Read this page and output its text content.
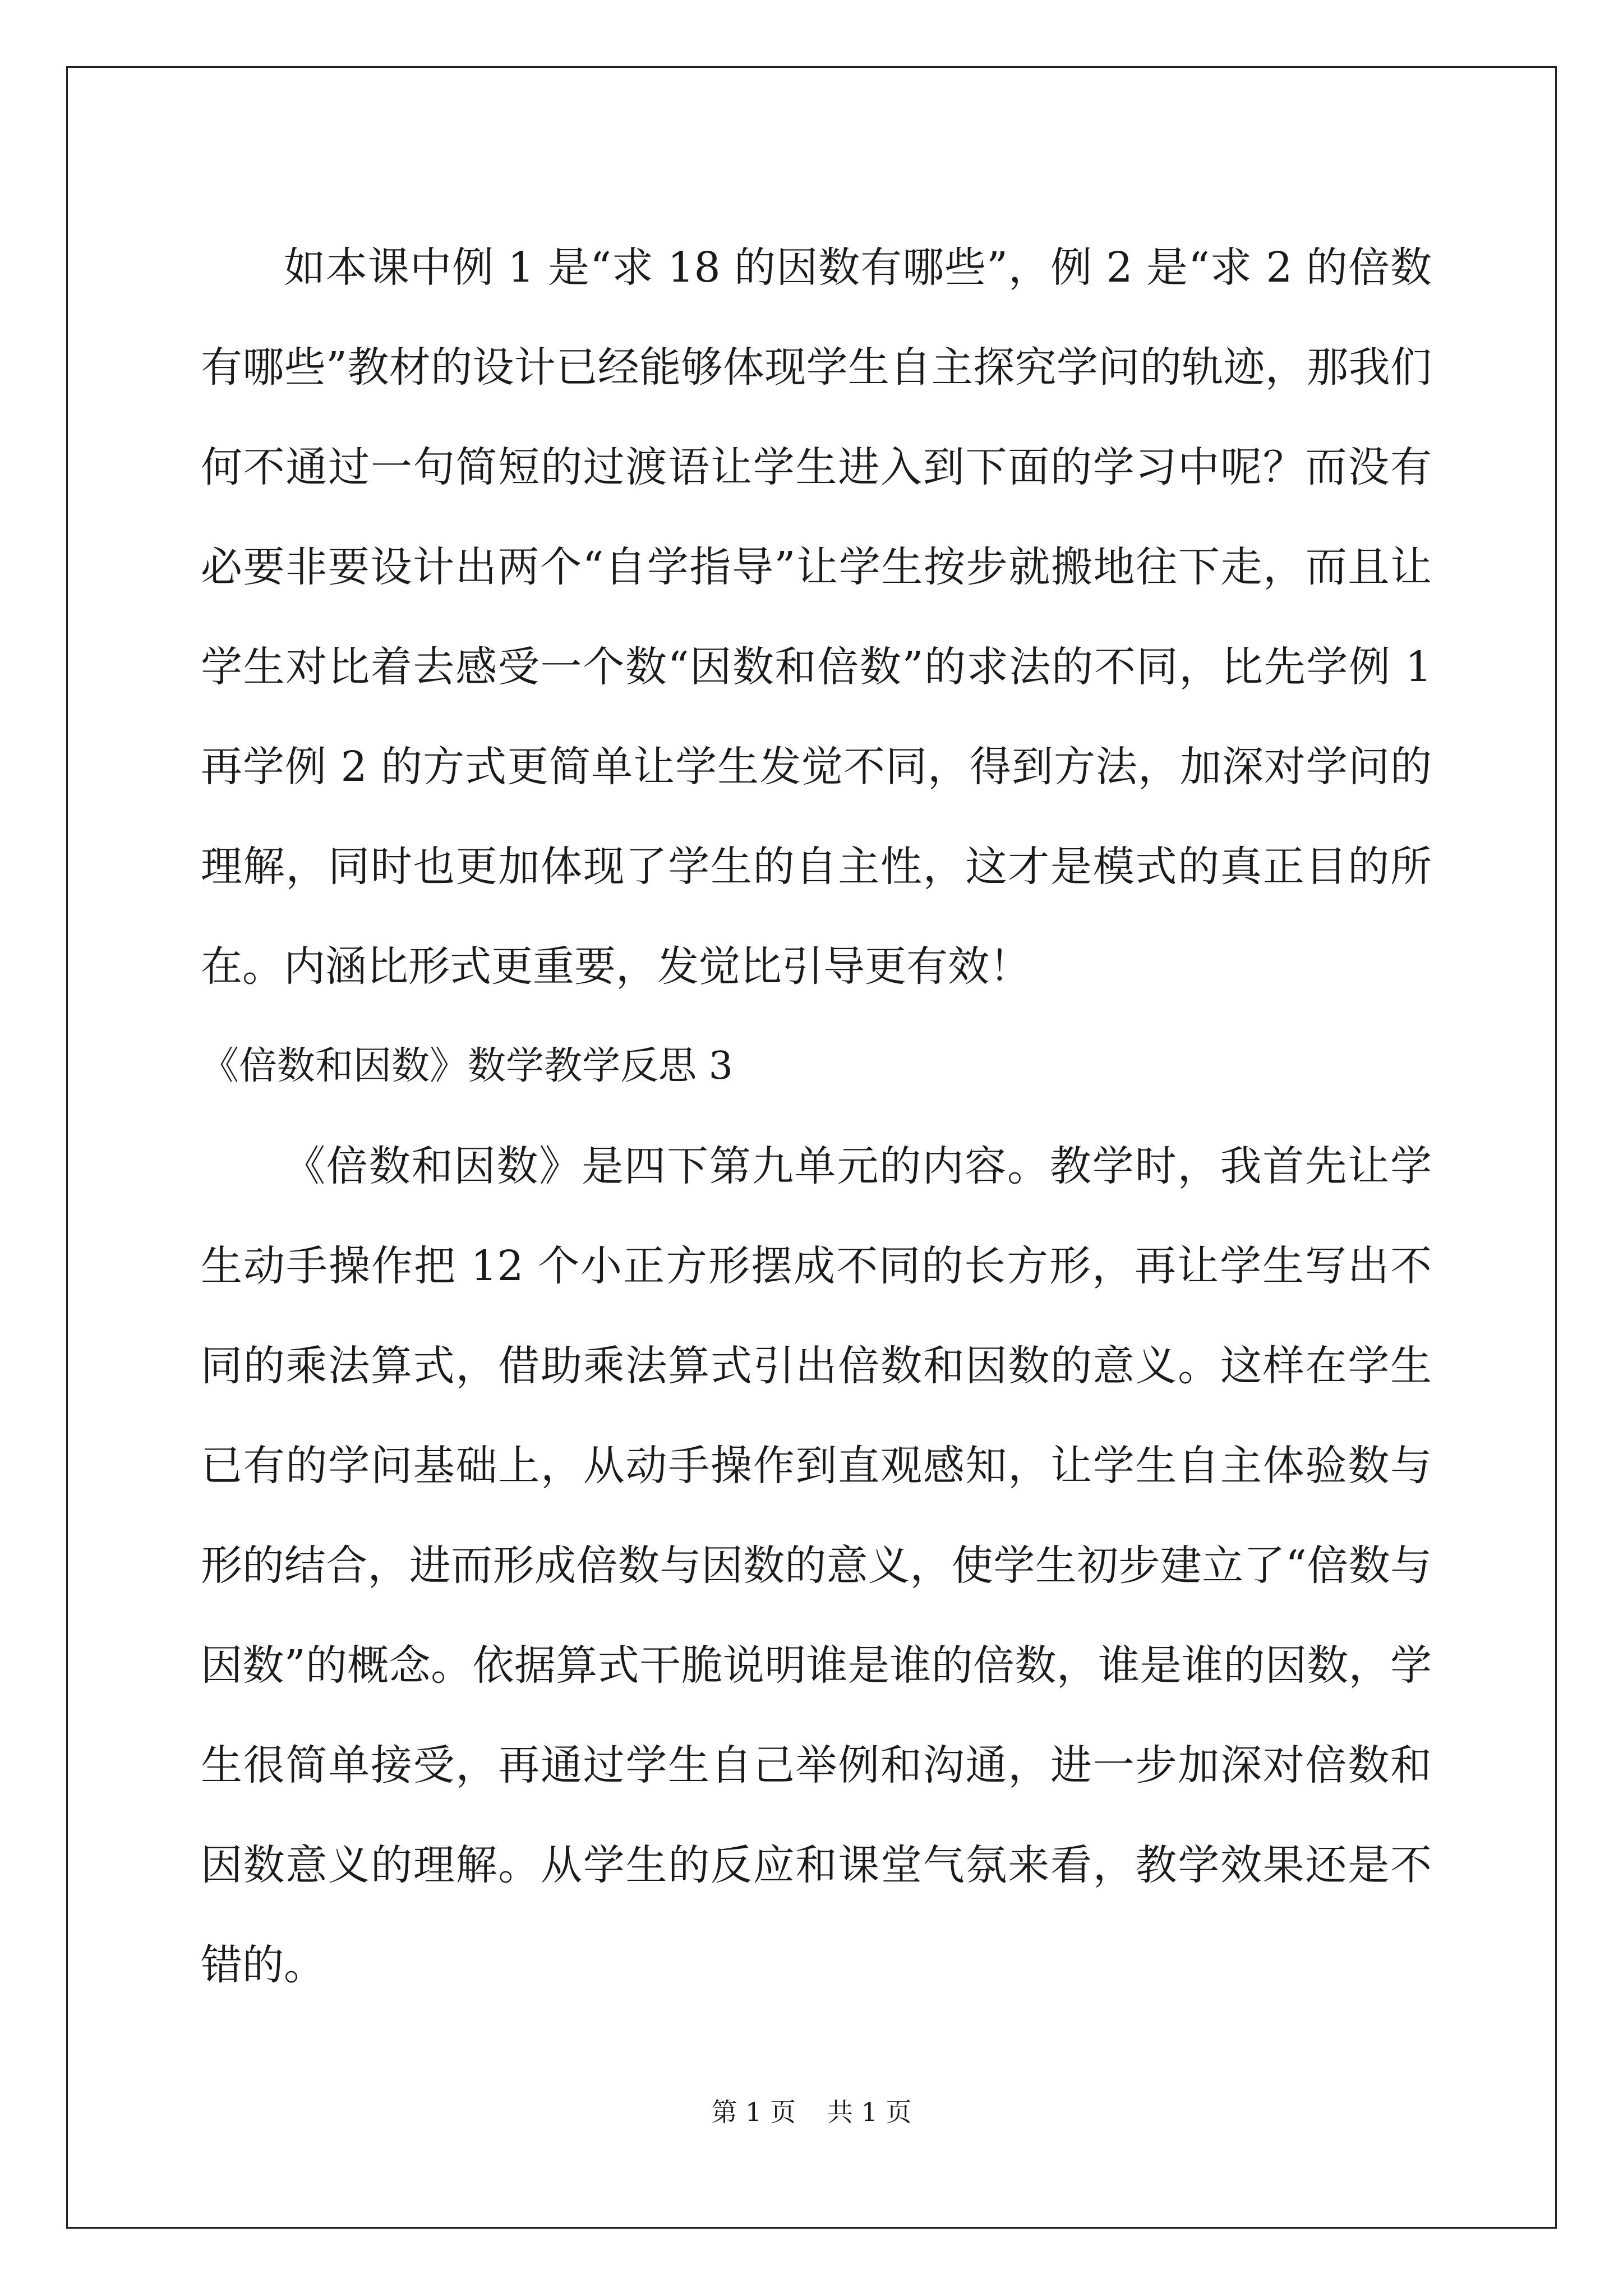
如本课中例 1 是“求 18 的因数有哪些”，例 2 是“求 2 的倍数有哪些”教材的设计已经能够体现学生自主探究学问的轨迹，那我们何不通过一句简短的过渡语让学生进入到下面的学习中呢？而没有必要非要设计出两个“自学指导”让学生按步就搬地往下走，而且让学生对比着去感受一个数“因数和倍数”的求法的不同，比先学例 1 再学例 2 的方式更简单让学生发觉不同，得到方法，加深对学问的理解，同时也更加体现了学生的自主性，这才是模式的真正目的所在。内涵比形式更重要，发觉比引导更有效！

《倍数和因数》数学教学反思 3

《倍数和因数》是四下第九单元的内容。教学时，我首先让学生动手操作把 12 个小正方形摆成不同的长方形，再让学生写出不同的乘法算式，借助乘法算式引出倍数和因数的意义。这样在学生已有的学问基础上，从动手操作到直观感知，让学生自主体验数与形的结合，进而形成倍数与因数的意义，使学生初步建立了“倍数与因数”的概念。依据算式干脆说明谁是谁的倍数，谁是谁的因数，学生很简单接受，再通过学生自己举例和沟通，进一步加深对倍数和因数意义的理解。从学生的反应和课堂气氛来看，教学效果还是不错的。

第 1 页 共 1 页
